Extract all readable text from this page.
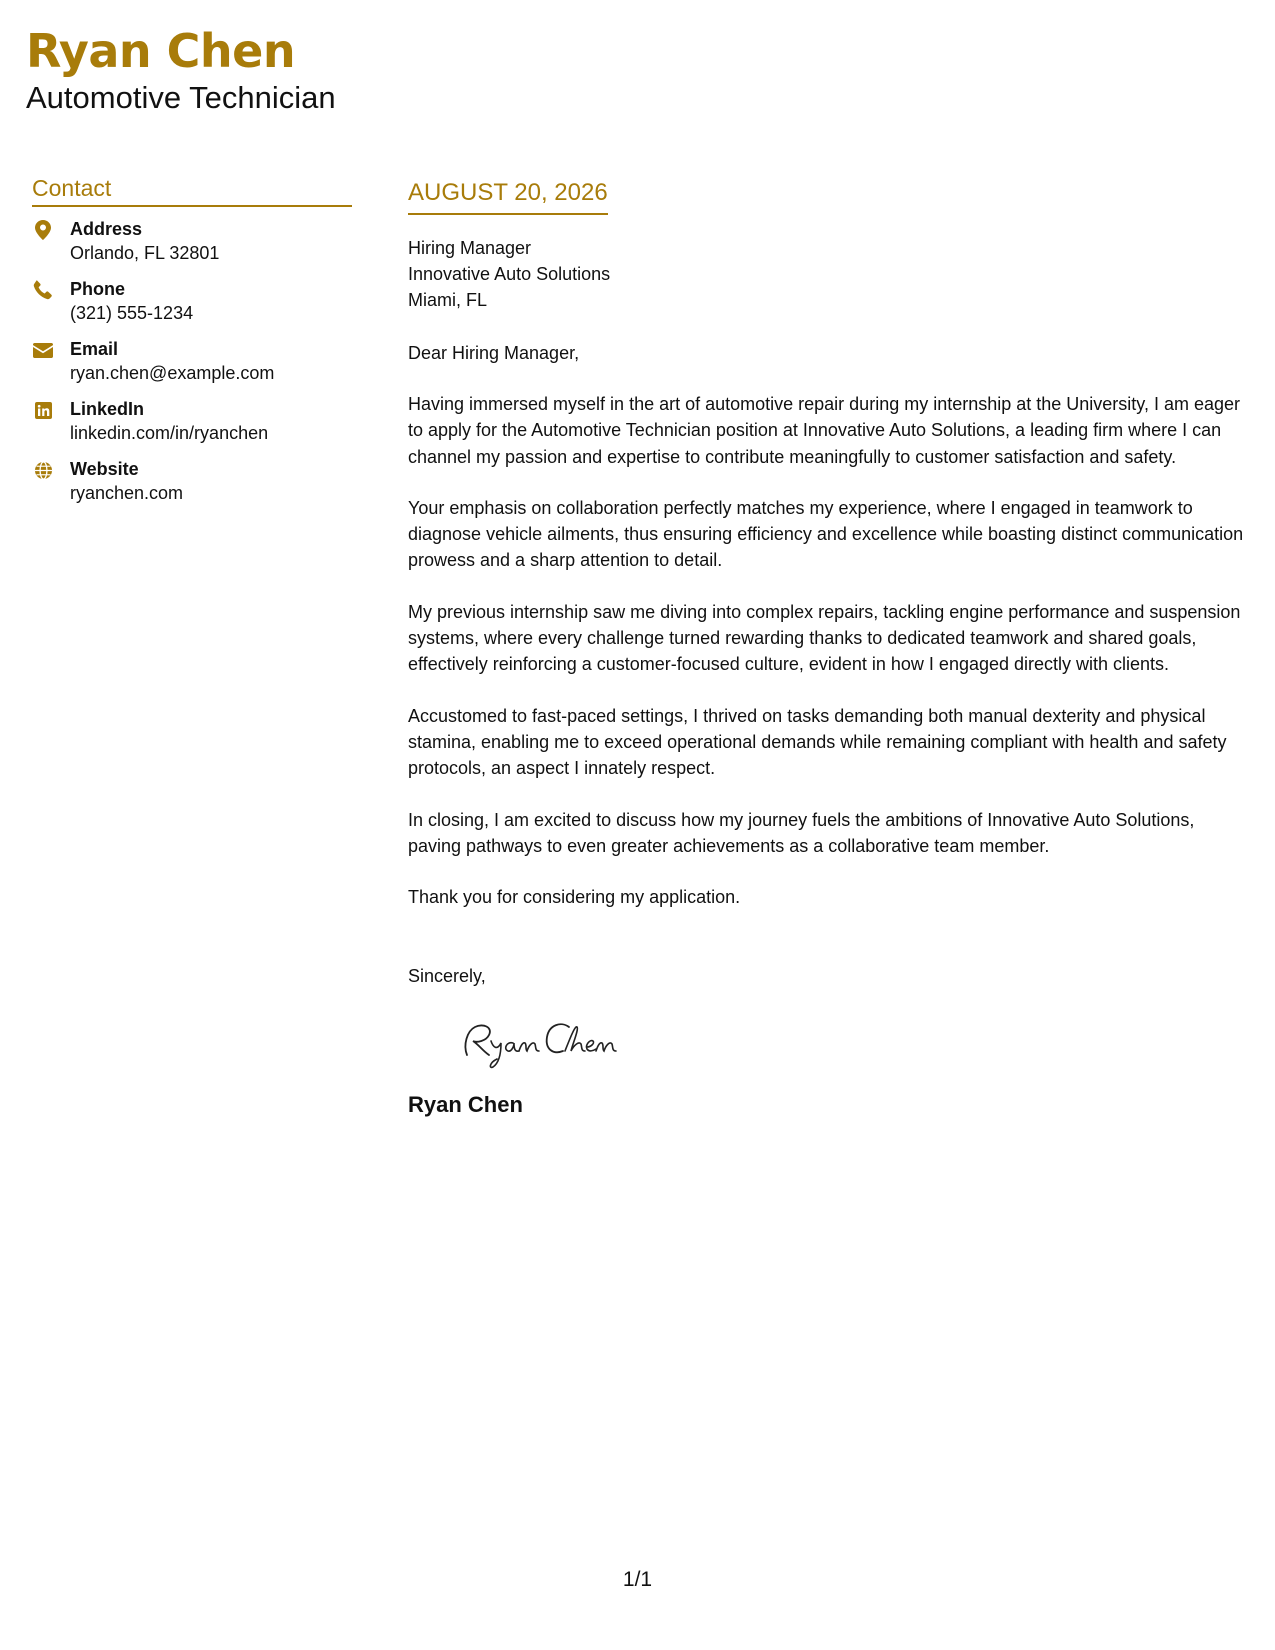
Ryan Chen
Automotive Technician
Contact
Address
Orlando, FL 32801
Phone
(321) 555-1234
Email
ryan.chen@example.com
LinkedIn
linkedin.com/in/ryanchen
Website
ryanchen.com
AUGUST 20, 2026
Hiring Manager
Innovative Auto Solutions
Miami, FL
Dear Hiring Manager,

Having immersed myself in the art of automotive repair during my internship at the University, I am eager to apply for the Automotive Technician position at Innovative Auto Solutions, a leading firm where I can channel my passion and expertise to contribute meaningfully to customer satisfaction and safety.

Your emphasis on collaboration perfectly matches my experience, where I engaged in teamwork to diagnose vehicle ailments, thus ensuring efficiency and excellence while boasting distinct communication prowess and a sharp attention to detail.

My previous internship saw me diving into complex repairs, tackling engine performance and suspension systems, where every challenge turned rewarding thanks to dedicated teamwork and shared goals, effectively reinforcing a customer-focused culture, evident in how I engaged directly with clients.

Accustomed to fast-paced settings, I thrived on tasks demanding both manual dexterity and physical stamina, enabling me to exceed operational demands while remaining compliant with health and safety protocols, an aspect I innately respect.

In closing, I am excited to discuss how my journey fuels the ambitions of Innovative Auto Solutions, paving pathways to even greater achievements as a collaborative team member.

Thank you for considering my application.

Sincerely,
Ryan Chen
1/1
